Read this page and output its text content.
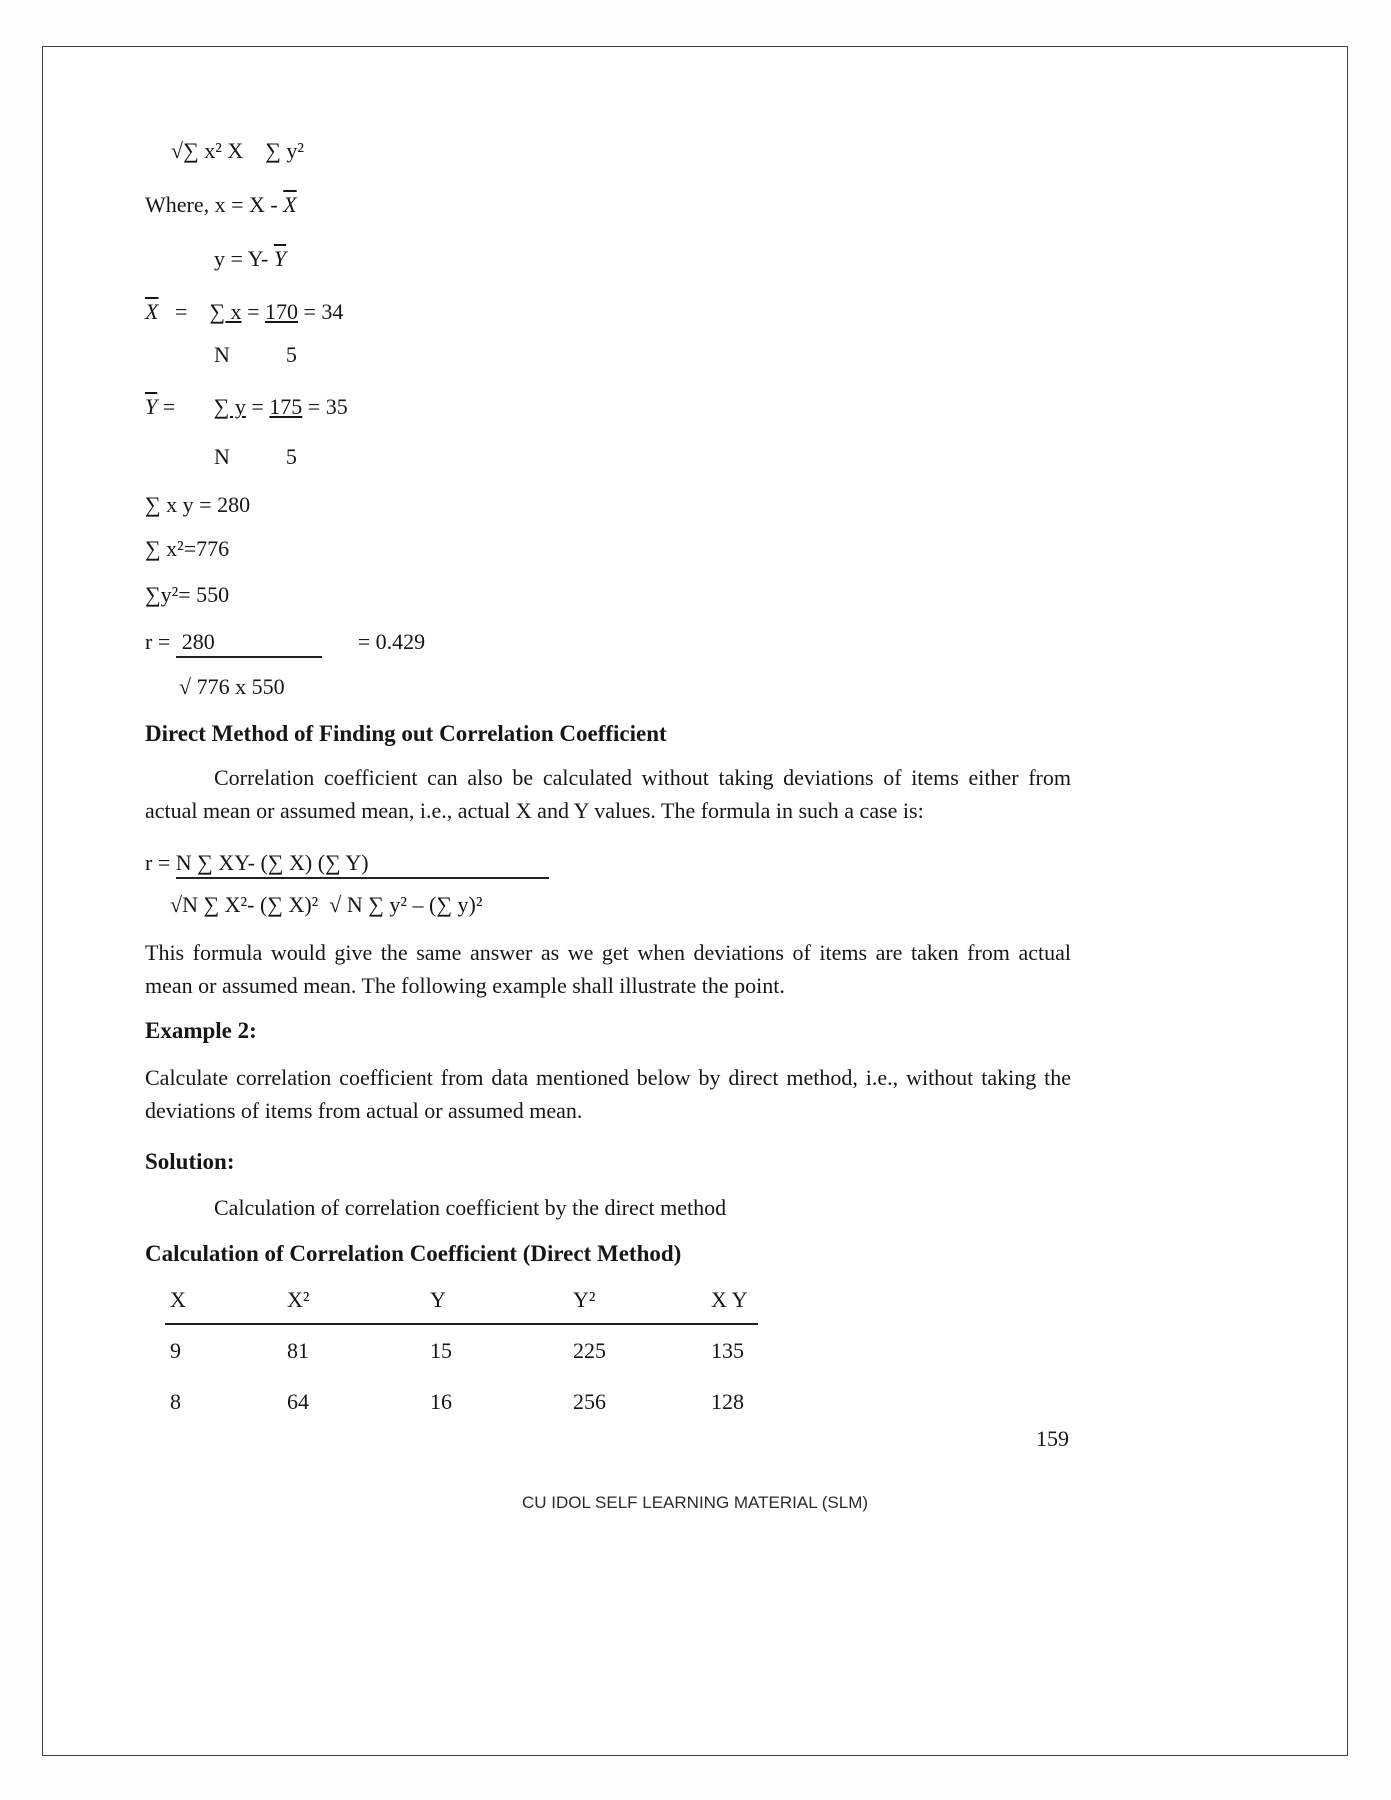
√∑ x² X    ∑ y²
Where, $x = X - \overline{X}$
y = Y- $\overline{Y}$
$\overline{X}$   =    ∑ x = 170 = 34
N	5
$\overline{Y}$ =       ∑ y = 175 = 35
N	5
∑ x y = 280
∑ x²=776
∑y²= 550
r = 280	= 0.429
√ 776 x 550
Direct Method of Finding out Correlation Coefficient

Correlation coefficient can also be calculated without taking deviations of items either from actual mean or assumed mean, i.e., actual X and Y values. The formula in such a case is:

r = N ∑ XY- (∑ X) (∑ Y)
√N ∑ X²- (∑ X)²  √ N ∑ y² – (∑ y)²

This formula would give the same answer as we get when deviations of items are taken from actual mean or assumed mean. The following example shall illustrate the point.

Example 2:

Calculate correlation coefficient from data mentioned below by direct method, i.e., without taking the deviations of items from actual or assumed mean.

Solution:

Calculation of correlation coefficient by the direct method

Calculation of Correlation Coefficient (Direct Method)
X	X²	Y	Y²	X Y
9	81	15	225	135
8	64	16	256	128
159
CU IDOL SELF LEARNING MATERIAL (SLM)
